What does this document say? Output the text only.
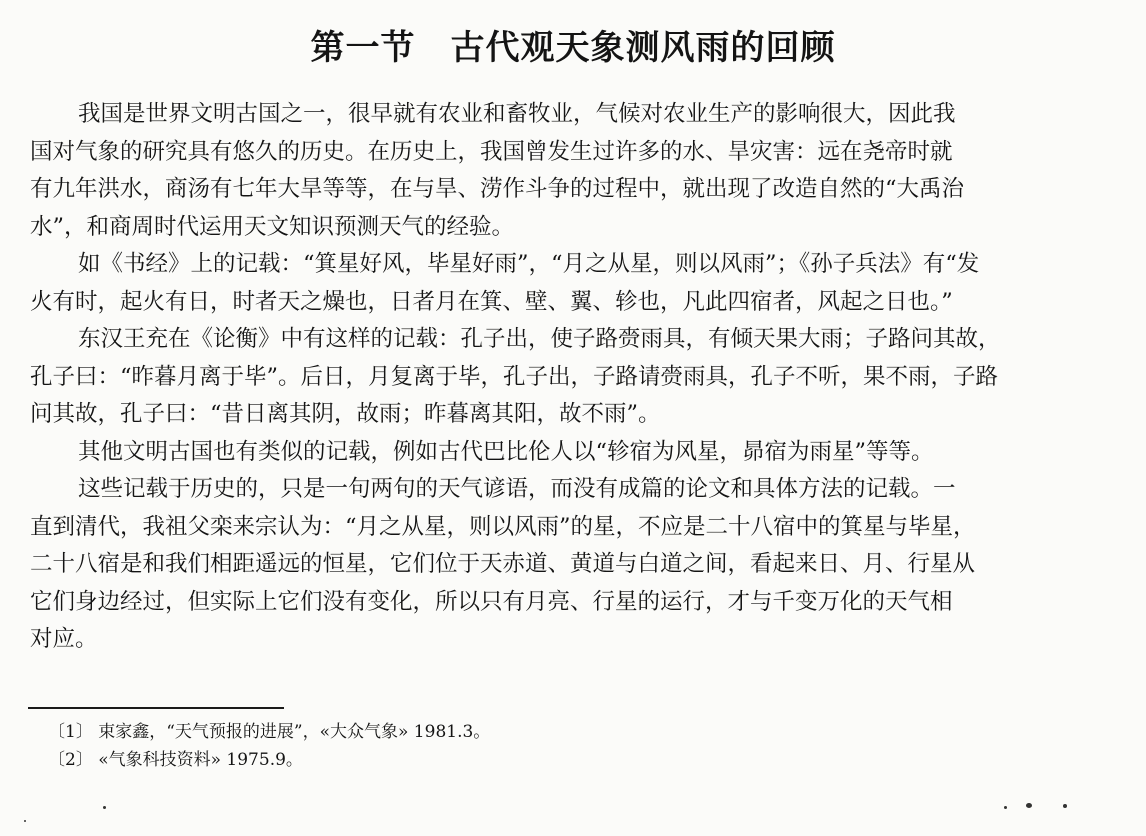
第一节　古代观天象测风雨的回顾
我国是世界文明古国之一，很早就有农业和畜牧业，气候对农业生产的影响很大，因此我
国对气象的研究具有悠久的历史。在历史上，我国曾发生过许多的水、旱灾害：远在尧帝时就
有九年洪水，商汤有七年大旱等等，在与旱、涝作斗争的过程中，就出现了改造自然的“大禹治
水”，和商周时代运用天文知识预测天气的经验。
如《书经》上的记载：“箕星好风，毕星好雨”，“月之从星，则以风雨”；《孙子兵法》有“发
火有时，起火有日，时者天之燥也，日者月在箕、壁、翼、轸也，凡此四宿者，风起之日也。”
东汉王充在《论衡》中有这样的记载：孔子出，使子路赍雨具，有倾天果大雨；子路问其故，
孔子曰：“昨暮月离于毕”。后日，月复离于毕，孔子出，子路请赍雨具，孔子不听，果不雨，子路
问其故，孔子曰：“昔日离其阴，故雨；昨暮离其阳，故不雨”。
其他文明古国也有类似的记载，例如古代巴比伦人以“轸宿为风星，昴宿为雨星”等等。
这些记载于历史的，只是一句两句的天气谚语，而没有成篇的论文和具体方法的记载。一
直到清代，我祖父栾来宗认为：“月之从星，则以风雨”的星，不应是二十八宿中的箕星与毕星，
二十八宿是和我们相距遥远的恒星，它们位于天赤道、黄道与白道之间，看起来日、月、行星从
它们身边经过，但实际上它们没有变化，所以只有月亮、行星的运行，才与千变万化的天气相
对应。
〔1〕 束家鑫，“天气预报的进展”，«大众气象» 1981.3。
〔2〕 «气象科技资料» 1975.9。
